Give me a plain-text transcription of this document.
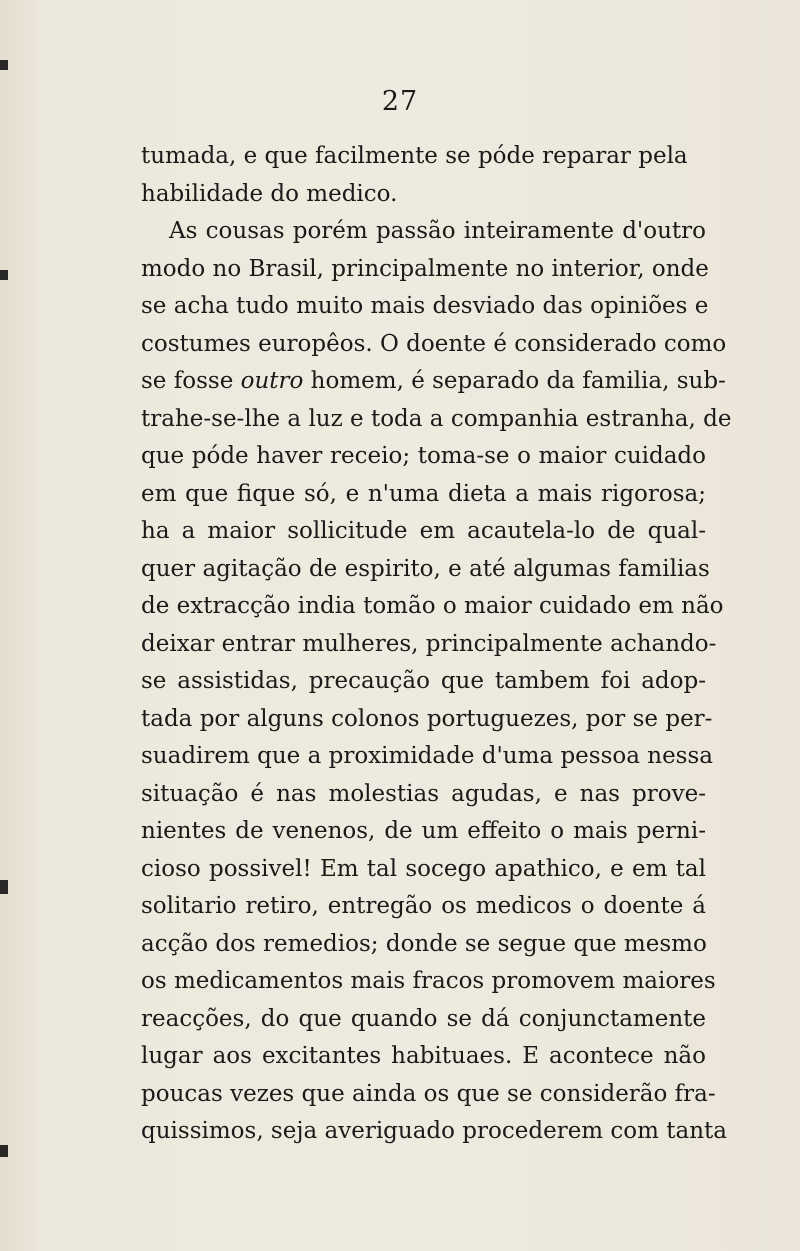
27
tumada, e que facilmente se póde reparar pela
habilidade do medico.
As cousas porém passão inteiramente d'outro
modo no Brasil, principalmente no interior, onde
se acha tudo muito mais desviado das opiniões e
costumes europêos. O doente é considerado como
se fosse outro homem, é separado da familia, sub-
trahe-se-lhe a luz e toda a companhia estranha, de
que póde haver receio; toma-se o maior cuidado
em que fique só, e n'uma dieta a mais rigorosa;
ha a maior sollicitude em acautela-lo de qual-
quer agitação de espirito, e até algumas familias
de extracção india tomão o maior cuidado em não
deixar entrar mulheres, principalmente achando-
se assistidas, precaução que tambem foi adop-
tada por alguns colonos portuguezes, por se per-
suadirem que a proximidade d'uma pessoa nessa
situação é nas molestias agudas, e nas prove-
nientes de venenos, de um effeito o mais perni-
cioso possivel! Em tal socego apathico, e em tal
solitario retiro, entregão os medicos o doente á
acção dos remedios; donde se segue que mesmo
os medicamentos mais fracos promovem maiores
reacções, do que quando se dá conjunctamente
lugar aos excitantes habituaes. E acontece não
poucas vezes que ainda os que se considerão fra-
quissimos, seja averiguado procederem com tanta
